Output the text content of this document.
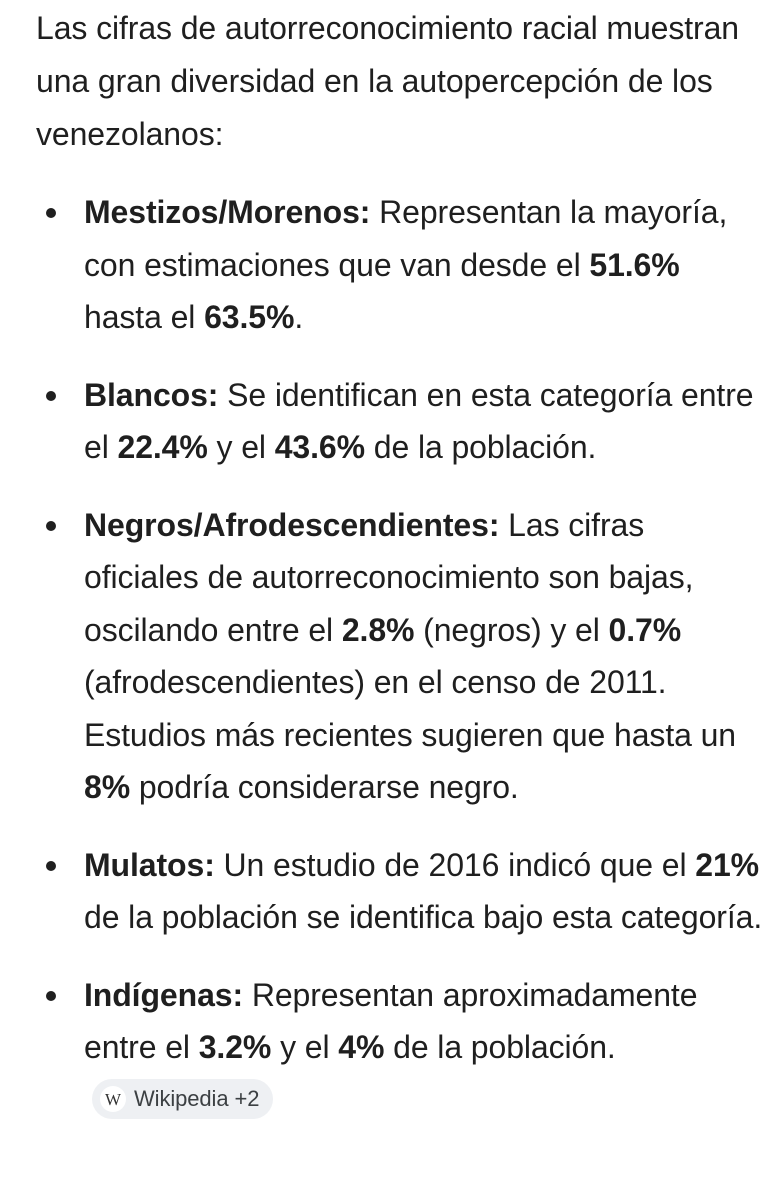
Las cifras de autorreconocimiento racial muestran una gran diversidad en la autopercepción de los venezolanos:

Mestizos/Morenos: Representan la mayoría, con estimaciones que van desde el 51.6% hasta el 63.5%.
Blancos: Se identifican en esta categoría entre el 22.4% y el 43.6% de la población.
Negros/Afrodescendientes: Las cifras oficiales de autorreconocimiento son bajas, oscilando entre el 2.8% (negros) y el 0.7% (afrodescendientes) en el censo de 2011. Estudios más recientes sugieren que hasta un 8% podría considerarse negro.
Mulatos: Un estudio de 2016 indicó que el 21% de la población se identifica bajo esta categoría.
Indígenas: Representan aproximadamente entre el 3.2% y el 4% de la población.
W Wikipedia +2
